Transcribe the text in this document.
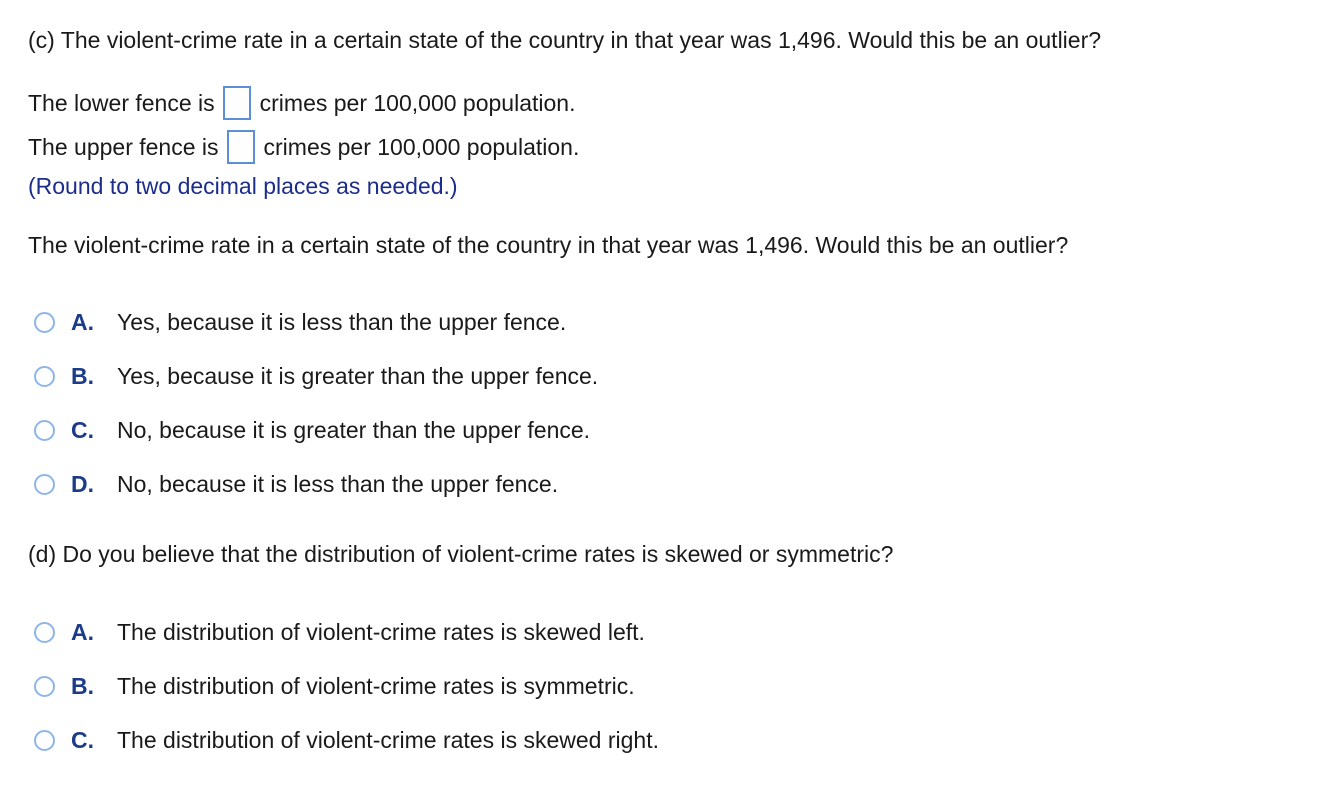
(c) The violent-crime rate in a certain state of the country in that year was 1,496. Would this be an outlier?
The lower fence is crimes per 100,000 population.
The upper fence is crimes per 100,000 population.
(Round to two decimal places as needed.)
The violent-crime rate in a certain state of the country in that year was 1,496. Would this be an outlier?
A.	Yes, because it is less than the upper fence.
B.	Yes, because it is greater than the upper fence.
C.	No, because it is greater than the upper fence.
D.	No, because it is less than the upper fence.
(d) Do you believe that the distribution of violent-crime rates is skewed or symmetric?
A.	The distribution of violent-crime rates is skewed left.
B.	The distribution of violent-crime rates is symmetric.
C.	The distribution of violent-crime rates is skewed right.
